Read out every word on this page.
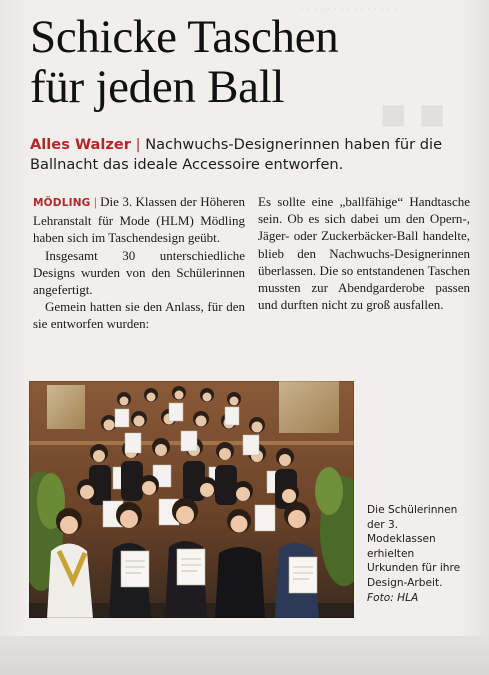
· · · · · · · · · · · · · · ·
■ ■
Schicke Taschen
für jeden Ball
Alles Walzer | Nachwuchs-Designerinnen haben für die Ballnacht das ideale Accessoire entworfen.

MÖDLING | Die 3. Klassen der Höheren Lehranstalt für Mode (HLM) Mödling haben sich im Taschendesign geübt.

Insgesamt 30 unterschiedliche Designs wurden von den Schülerinnen angefertigt.

Gemein hatten sie den Anlass, für den sie entworfen wurden:

Es sollte eine „ballfähige“ Handtasche sein. Ob es sich dabei um den Opern-, Jäger- oder Zuckerbäcker-Ball handelte, blieb den Nachwuchs-Designerinnen überlassen. Die so entstandenen Taschen mussten zur Abendgarderobe passen und durften nicht zu groß ausfallen.

Die Schülerinnen der 3. Modeklassen erhielten Urkunden für ihre Design-Arbeit.
Foto: HLA
